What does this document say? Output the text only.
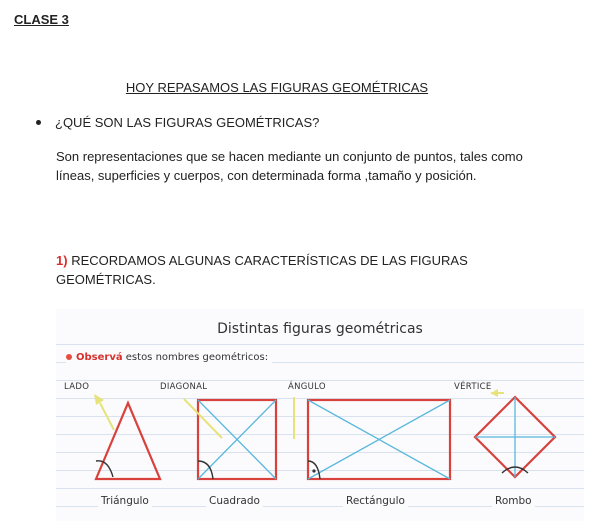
CLASE 3
HOY REPASAMOS LAS FIGURAS GEOMÉTRICAS
¿QUÉ SON LAS FIGURAS GEOMÉTRICAS?
Son representaciones que se hacen mediante un conjunto de puntos, tales como líneas, superficies y cuerpos, con determinada forma ,tamaño y posición.
1) RECORDAMOS ALGUNAS CARACTERÍSTICAS DE LAS FIGURAS GEOMÉTRICAS.
Distintas figuras geométricas
Observá estos nombres geométricos:
LADO	DIAGONAL	ÁNGULO	VÉRTICE
Triángulo	Cuadrado	Rectángulo	Rombo
